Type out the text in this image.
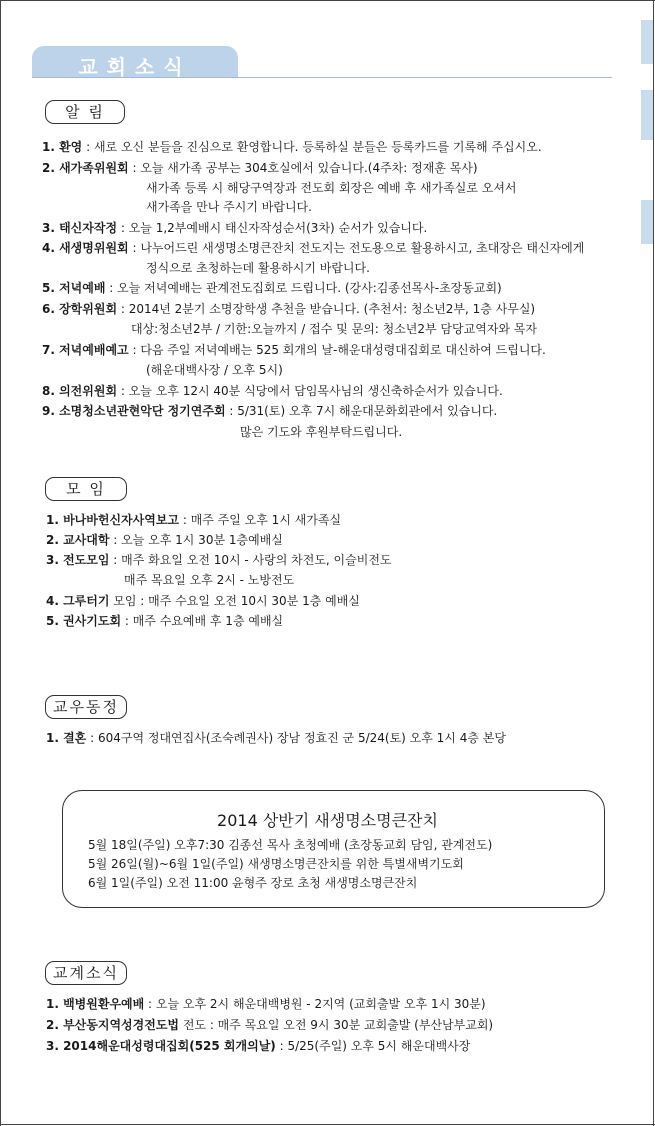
교회소식
알 림
1. 환영 : 새로 오신 분들을 진심으로 환영합니다. 등록하실 분들은 등록카드를 기록해 주십시오.
2. 새가족위원회 : 오늘 새가족 공부는 304호실에서 있습니다.(4주차: 정재훈 목사)
새가족 등록 시 해당구역장과 전도회 회장은 예배 후 새가족실로 오셔서
새가족을 만나 주시기 바랍니다.
3. 태신자작정 : 오늘 1,2부예배시 태신자작성순서(3차) 순서가 있습니다.
4. 새생명위원회 : 나누어드린 새생명소명큰잔치 전도지는 전도용으로 활용하시고, 초대장은 태신자에게
정식으로 초청하는데 활용하시기 바랍니다.
5. 저녁예배 : 오늘 저녁예배는 관계전도집회로 드립니다. (강사:김종선목사-초장동교회)
6. 장학위원회 : 2014년 2분기 소명장학생 추천을 받습니다. (추천서: 청소년2부, 1층 사무실)
대상:청소년2부 / 기한:오늘까지 / 접수 및 문의: 청소년2부 담당교역자와 목자
7. 저녁예배예고 : 다음 주일 저녁예배는 525 회개의 날-해운대성령대집회로 대신하여 드립니다.
(해운대백사장 / 오후 5시)
8. 의전위원회 : 오늘 오후 12시 40분 식당에서 담임목사님의 생신축하순서가 있습니다.
9. 소명청소년관현악단 정기연주회 : 5/31(토) 오후 7시 해운대문화회관에서 있습니다.
많은 기도와 후원부탁드립니다.
모 임
1. 바나바헌신자사역보고 : 매주 주일 오후 1시 새가족실
2. 교사대학 : 오늘 오후 1시 30분 1층예배실
3. 전도모임 : 매주 화요일 오전 10시 - 사랑의 차전도, 이슬비전도
매주 목요일 오후 2시 - 노방전도
4. 그루터기 모임 : 매주 수요일 오전 10시 30분 1층 예배실
5. 권사기도회 : 매주 수요예배 후 1층 예배실
교우동정
1. 결혼 : 604구역 정대연집사(조숙례권사) 장남 정효진 군 5/24(토) 오후 1시 4층 본당
2014 상반기 새생명소명큰잔치
5월 18일(주일) 오후7:30 김종선 목사 초청예배 (초장동교회 담임, 관계전도)
5월 26일(월)~6월 1일(주일) 새생명소명큰잔치를 위한 특별새벽기도회
6월 1일(주일) 오전 11:00 윤형주 장로 초청 새생명소명큰잔치
교계소식
1. 백병원환우예배 : 오늘 오후 2시 해운대백병원 - 2지역 (교회출발 오후 1시 30분)
2. 부산동지역성경전도법 전도 : 매주 목요일 오전 9시 30분 교회출발 (부산남부교회)
3. 2014해운대성령대집회(525 회개의날) : 5/25(주일) 오후 5시 해운대백사장
